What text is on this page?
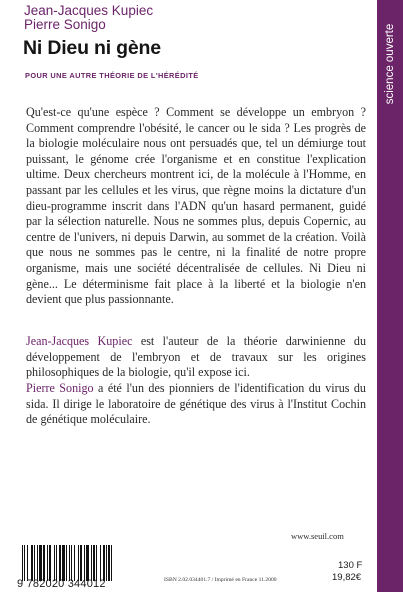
Jean-Jacques Kupiec
Pierre Sonigo
Ni Dieu ni gène
POUR UNE AUTRE THÉORIE DE L'HÉRÉDITÉ

Qu'est-ce qu'une espèce ? Comment se développe un embryon ? Comment comprendre l'obésité, le cancer ou le sida ? Les progrès de la biologie moléculaire nous ont persuadés que, tel un démiurge tout puissant, le génome crée l'organisme et en constitue l'explication ultime. Deux chercheurs montrent ici, de la molécule à l'Homme, en passant par les cellules et les virus, que règne moins la dictature d'un dieu-programme inscrit dans l'ADN qu'un hasard permanent, guidé par la sélection naturelle. Nous ne sommes plus, depuis Copernic, au centre de l'univers, ni depuis Darwin, au sommet de la création. Voilà que nous ne sommes pas le centre, ni la finalité de notre propre organisme, mais une société décentralisée de cellules. Ni Dieu ni gène... Le déterminisme fait place à la liberté et la biologie n'en devient que plus passionnante.

Jean-Jacques Kupiec est l'auteur de la théorie darwinienne du développement de l'embryon et de travaux sur les origines philosophiques de la biologie, qu'il expose ici.

Pierre Sonigo a été l'un des pionniers de l'identification du virus du sida. Il dirige le laboratoire de génétique des virus à l'Institut Cochin de génétique moléculaire.

science ouverte
www.seuil.com
9 782020 344012	ISBN 2.02.034401.7 / Imprimé en France 11.2000
130 F
19,82€
